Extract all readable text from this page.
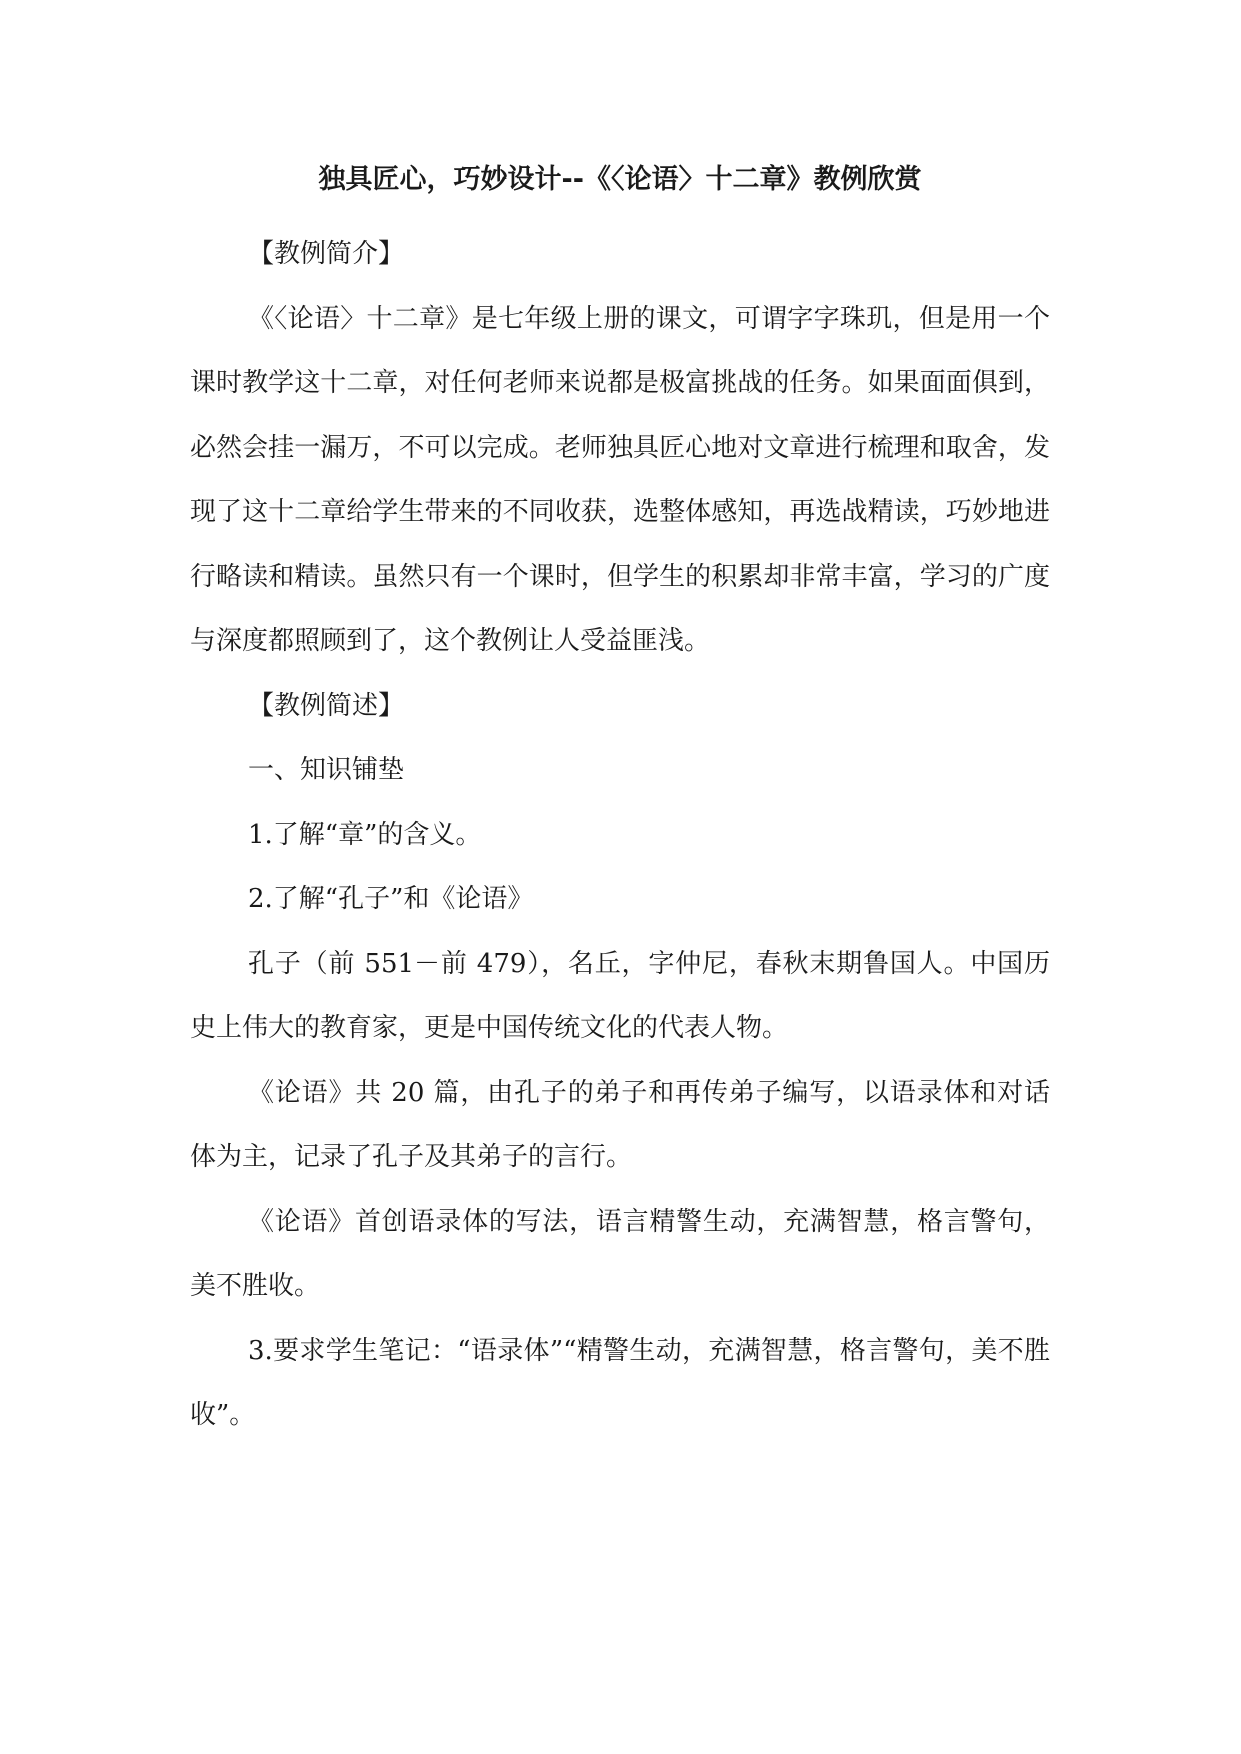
独具匠心，巧妙设计--《〈论语〉十二章》教例欣赏

【教例简介】

《〈论语〉十二章》是七年级上册的课文，可谓字字珠玑，但是用一个课时教学这十二章，对任何老师来说都是极富挑战的任务。如果面面俱到，必然会挂一漏万，不可以完成。老师独具匠心地对文章进行梳理和取舍，发现了这十二章给学生带来的不同收获，选整体感知，再选战精读，巧妙地进行略读和精读。虽然只有一个课时，但学生的积累却非常丰富，学习的广度与深度都照顾到了，这个教例让人受益匪浅。

【教例简述】

一、知识铺垫

1.了解“章”的含义。

2.了解“孔子”和《论语》

孔子（前 551－前 479），名丘，字仲尼，春秋末期鲁国人。中国历史上伟大的教育家，更是中国传统文化的代表人物。

《论语》共 20 篇，由孔子的弟子和再传弟子编写，以语录体和对话体为主，记录了孔子及其弟子的言行。

《论语》首创语录体的写法，语言精警生动，充满智慧，格言警句，美不胜收。

3.要求学生笔记：“语录体”“精警生动，充满智慧，格言警句，美不胜收”。
